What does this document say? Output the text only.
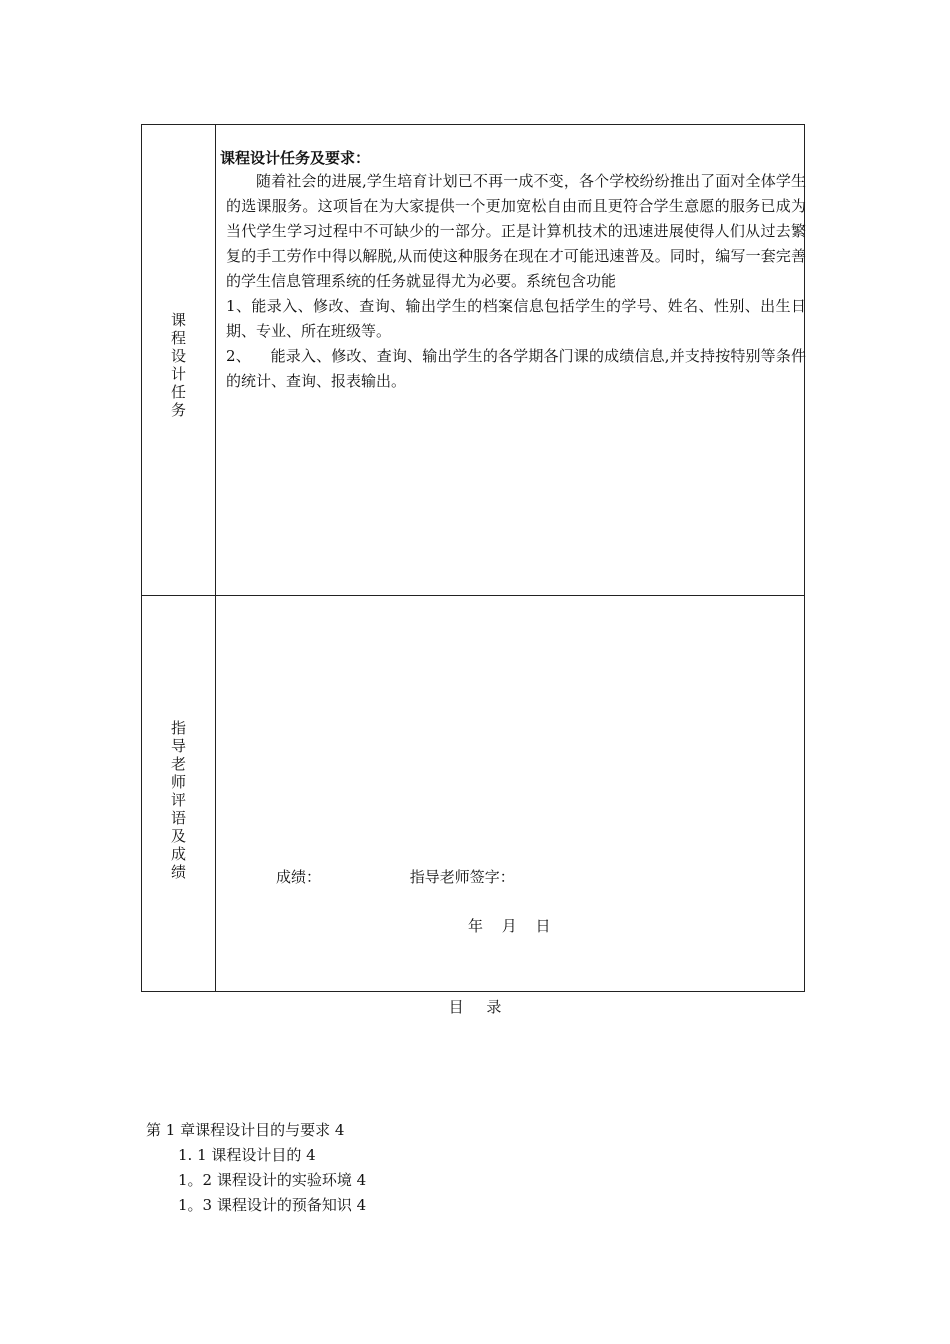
课
程
设
计
任
务
课程设计任务及要求：

随着社会的进展,学生培育计划已不再一成不变，各个学校纷纷推出了面对全体学生的选课服务。这项旨在为大家提供一个更加宽松自由而且更符合学生意愿的服务已成为当代学生学习过程中不可缺少的一部分。正是计算机技术的迅速进展使得人们从过去繁复的手工劳作中得以解脱,从而使这种服务在现在才可能迅速普及。同时，编写一套完善的学生信息管理系统的任务就显得尤为必要。系统包含功能

1、能录入、修改、查询、输出学生的档案信息包括学生的学号、姓名、性别、出生日期、专业、所在班级等。

2、    能录入、修改、查询、输出学生的各学期各门课的成绩信息,并支持按特别等条件的统计、查询、报表输出。

指
导
老
师
评
语
及
成
绩	成绩：	指导老师签字：
年 月 日
目 录
第 1 章课程设计目的与要求 4
1. 1 课程设计目的 4
1。2 课程设计的实验环境 4
1。3 课程设计的预备知识 4
